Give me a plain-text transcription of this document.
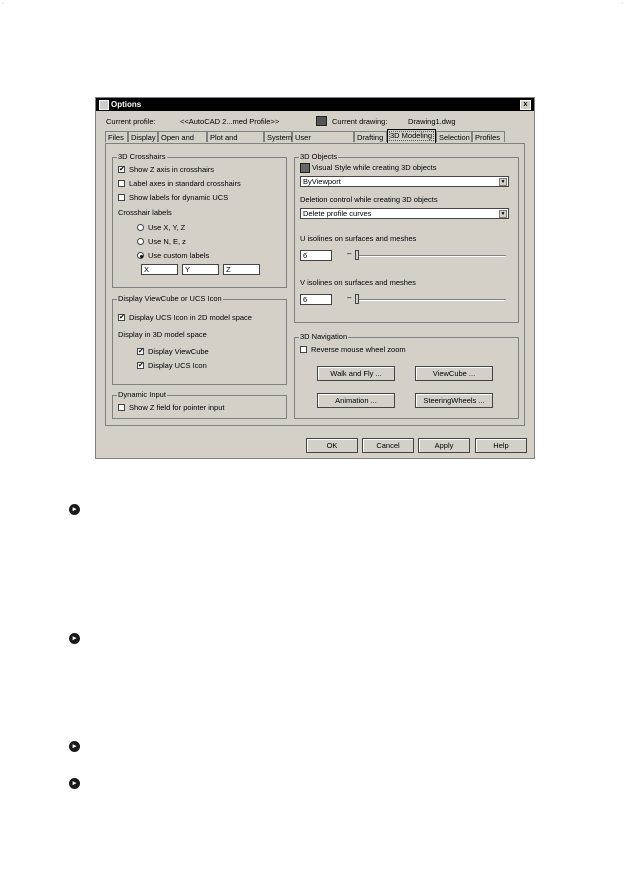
·	·
Options	x
Current profile:	<<AutoCAD 2...med Profile>>	Current drawing:	Drawing1.dwg
Files Display Open and	Plot and	System User	Drafting 3D Modeling Selection Profiles
3D Crosshairs
✔
Show Z axis in crosshairs
Label axes in standard crosshairs
Show labels for dynamic UCS
Crosshair labels
Use X, Y, Z
Use N, E, z
Use custom labels
X	Y	Z
Display ViewCube or UCS Icon
✔
Display UCS Icon in 2D model space
Display in 3D model space
✔
Display ViewCube
✔
Display UCS Icon
Dynamic Input
Show Z field for pointer input
3D Objects
Visual Style while creating 3D objects
ByViewport	▼
Deletion control while creating 3D objects
Delete profile curves	▼
U isolines on surfaces and meshes
6	–
V isolines on surfaces and meshes
6	–
3D Navigation
Reverse mouse wheel zoom
Walk and Fly ...	ViewCube ...
Animation ...	SteeringWheels ...
OK	Cancel	Apply	Help
▸
▸
▸
▸
